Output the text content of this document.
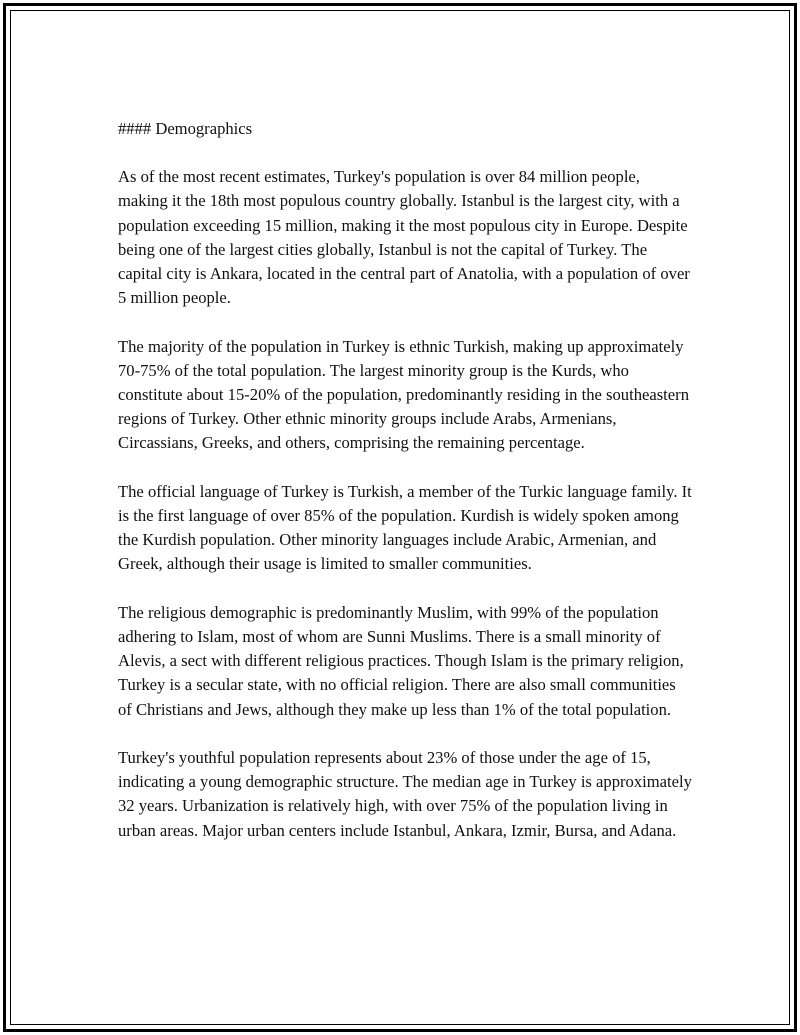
#### Demographics

As of the most recent estimates, Turkey's population is over 84 million people, making it the 18th most populous country globally. Istanbul is the largest city, with a population exceeding 15 million, making it the most populous city in Europe. Despite being one of the largest cities globally, Istanbul is not the capital of Turkey. The capital city is Ankara, located in the central part of Anatolia, with a population of over 5 million people.

The majority of the population in Turkey is ethnic Turkish, making up approximately 70-75% of the total population. The largest minority group is the Kurds, who constitute about 15-20% of the population, predominantly residing in the southeastern regions of Turkey. Other ethnic minority groups include Arabs, Armenians, Circassians, Greeks, and others, comprising the remaining percentage.

The official language of Turkey is Turkish, a member of the Turkic language family. It is the first language of over 85% of the population. Kurdish is widely spoken among the Kurdish population. Other minority languages include Arabic, Armenian, and Greek, although their usage is limited to smaller communities.

The religious demographic is predominantly Muslim, with 99% of the population adhering to Islam, most of whom are Sunni Muslims. There is a small minority of Alevis, a sect with different religious practices. Though Islam is the primary religion, Turkey is a secular state, with no official religion. There are also small communities of Christians and Jews, although they make up less than 1% of the total population.

Turkey's youthful population represents about 23% of those under the age of 15, indicating a young demographic structure. The median age in Turkey is approximately 32 years. Urbanization is relatively high, with over 75% of the population living in urban areas. Major urban centers include Istanbul, Ankara, Izmir, Bursa, and Adana.
